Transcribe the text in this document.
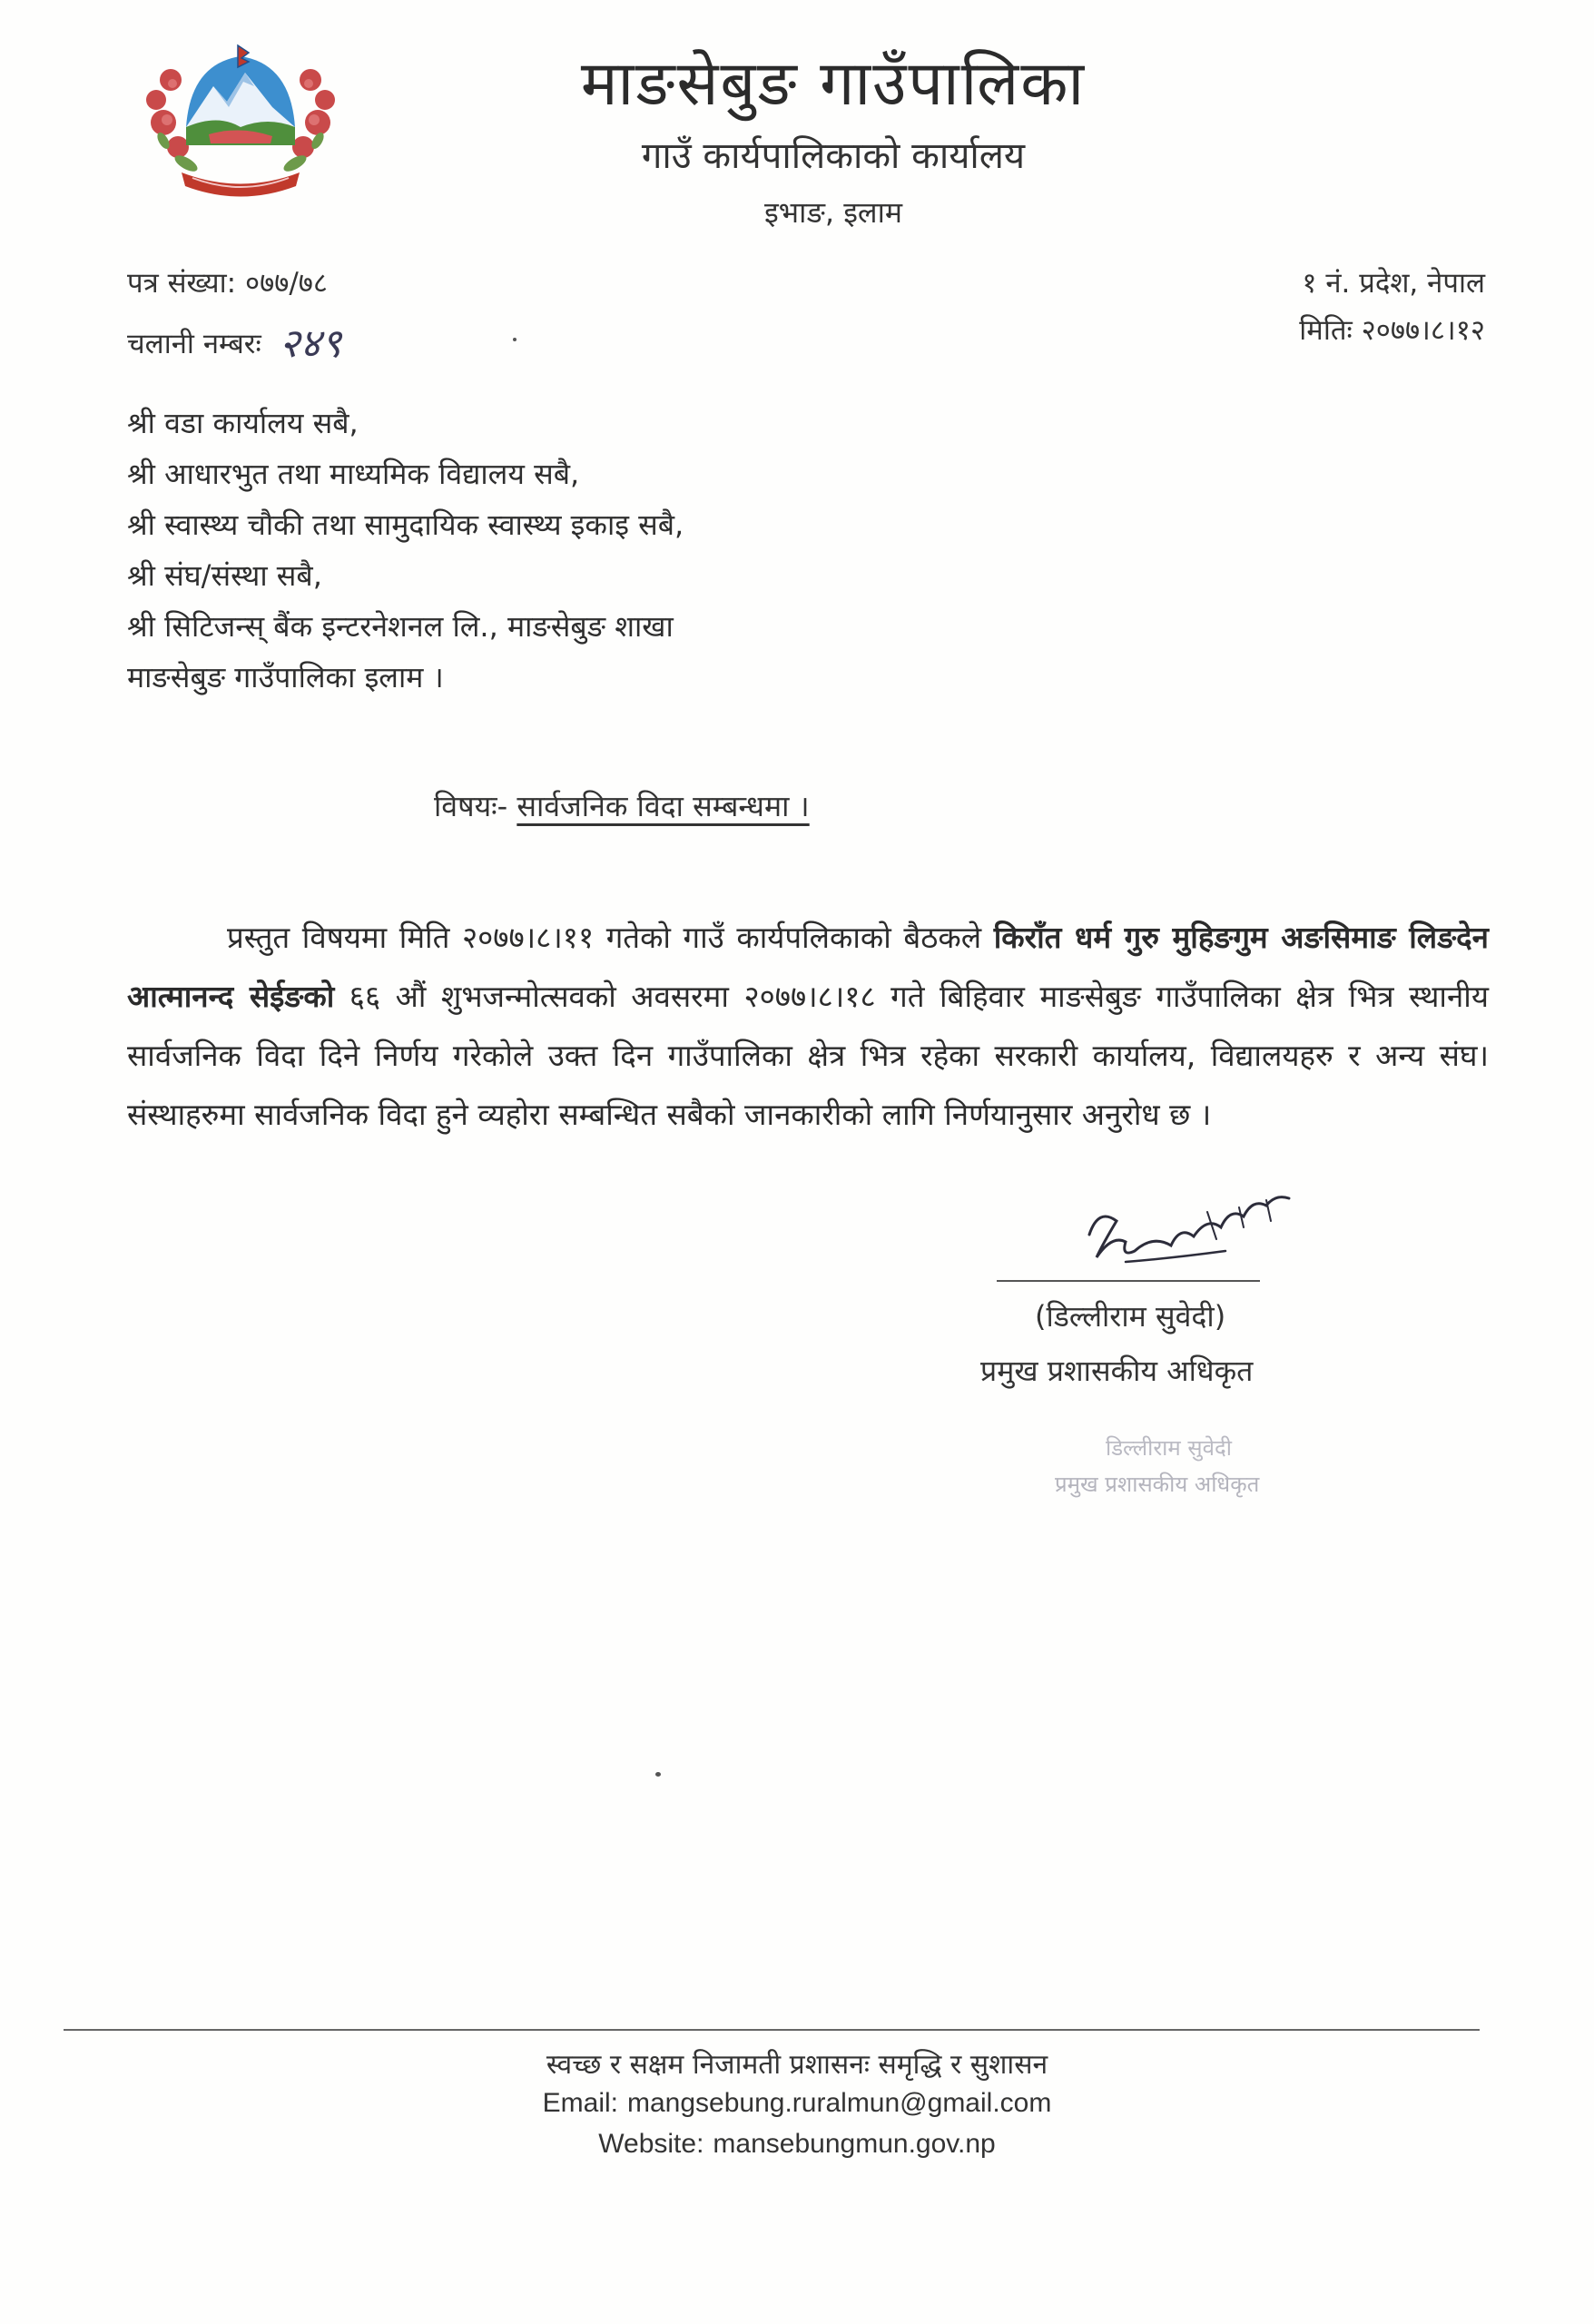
माङसेबुङ गाउँपालिका
गाउँ कार्यपालिकाको कार्यालय
इभाङ, इलाम
पत्र संख्या: ०७७/७८
चलानी नम्बरः २४९
१ नं. प्रदेश, नेपाल
मितिः २०७७।८।१२
श्री वडा कार्यालय सबै,
श्री आधारभुत तथा माध्यमिक विद्यालय सबै,
श्री स्वास्थ्य चौकी तथा सामुदायिक स्वास्थ्य इकाइ सबै,
श्री संघ/संस्था सबै,
श्री सिटिजन्स् बैंक इन्टरनेशनल लि., माङसेबुङ शाखा
माङसेबुङ गाउँपालिका इलाम ।
विषयः- सार्वजनिक विदा सम्बन्धमा ।

प्रस्तुत विषयमा मिति २०७७।८।११ गतेको गाउँ कार्यपलिकाको बैठकले किराँत धर्म गुरु मुहिङगुम अङसिमाङ लिङदेन आत्मानन्द सेईङको ६६ औं शुभजन्मोत्सवको अवसरमा २०७७।८।१८ गते बिहिवार माङसेबुङ गाउँपालिका क्षेत्र भित्र स्थानीय सार्वजनिक विदा दिने निर्णय गरेकोले उक्त दिन गाउँपालिका क्षेत्र भित्र रहेका सरकारी कार्यालय, विद्यालयहरु र अन्य संघ।संस्थाहरुमा सार्वजनिक विदा हुने व्यहोरा सम्बन्धित सबैको जानकारीको लागि निर्णयानुसार अनुरोध छ ।

(डिल्लीराम सुवेदी)
प्रमुख प्रशासकीय अधिकृत
डिल्लीराम सुवेदी
प्रमुख प्रशासकीय अधिकृत
स्वच्छ र सक्षम निजामती प्रशासनः समृद्धि र सुशासन
Email: mangsebung.ruralmun@gmail.com
Website: mansebungmun.gov.np
